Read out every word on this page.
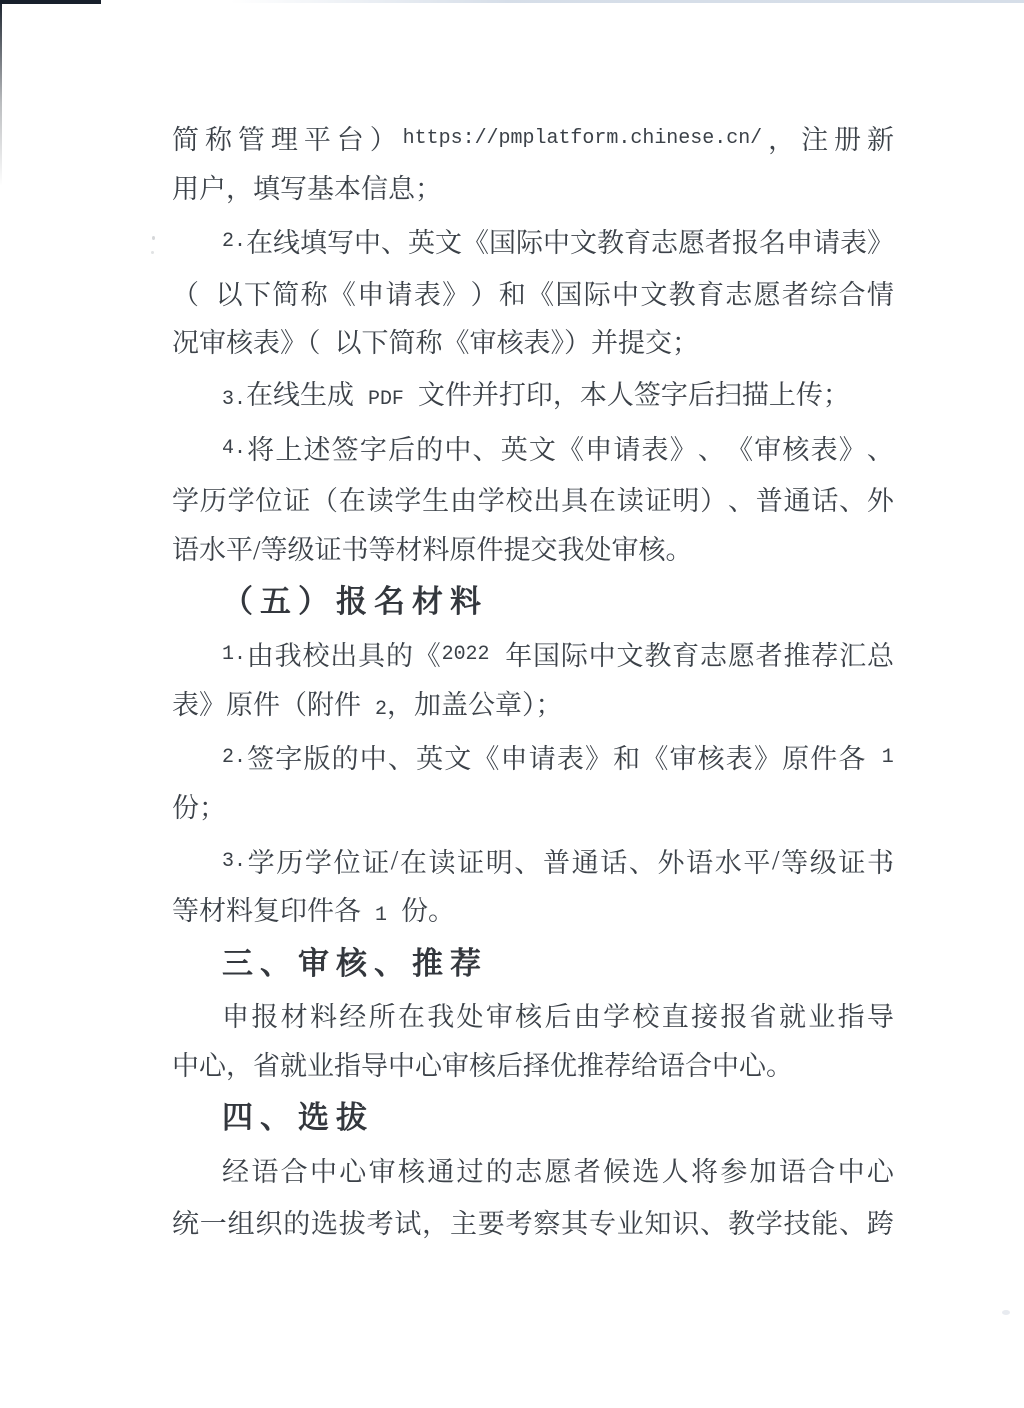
简 称 管 理 平 台 ） https://pmplatform.chinese.cn/ ， 注 册 新
用户，填写基本信息；
2. 在 线 填 写 中 、 英 文 《 国 际 中 文 教 育 志 愿 者 报 名 申 请 表 》
（ 以 下 简 称 《 申 请 表 》 ） 和 《 国 际 中 文 教 育 志 愿 者 综 合 情
况审核表》（ 以下简称《审核表》）并提交；
3.在线生成 PDF 文件并打印，本人签字后扫描上传；
4. 将 上 述 签 字 后 的 中 、 英 文 《 申 请 表 》 、 《 审 核 表 》 、
学 历 学 位 证 （ 在 读 学 生 由 学 校 出 具 在 读 证 明 ） 、 普 通 话 、 外
语水平/等级证书等材料原件提交我处审核。
（五）报名材料
1. 由 我 校 出 具 的 《 2022 年 国 际 中 文 教 育 志 愿 者 推 荐 汇 总
表》原件（附件 2，加盖公章）；
2. 签 字 版 的 中 、 英 文 《 申 请 表 》 和 《 审 核 表 》 原 件 各 1
份；
3. 学 历 学 位 证 / 在 读 证 明 、 普 通 话 、 外 语 水 平 / 等 级 证 书
等材料复印件各 1 份。
三、审核、推荐
申 报 材 料 经 所 在 我 处 审 核 后 由 学 校 直 接 报 省 就 业 指 导
中心，省就业指导中心审核后择优推荐给语合中心。
四、选拔
经 语 合 中 心 审 核 通 过 的 志 愿 者 候 选 人 将 参 加 语 合 中 心
统 一 组 织 的 选 拔 考 试 ， 主 要 考 察 其 专 业 知 识 、 教 学 技 能 、 跨
